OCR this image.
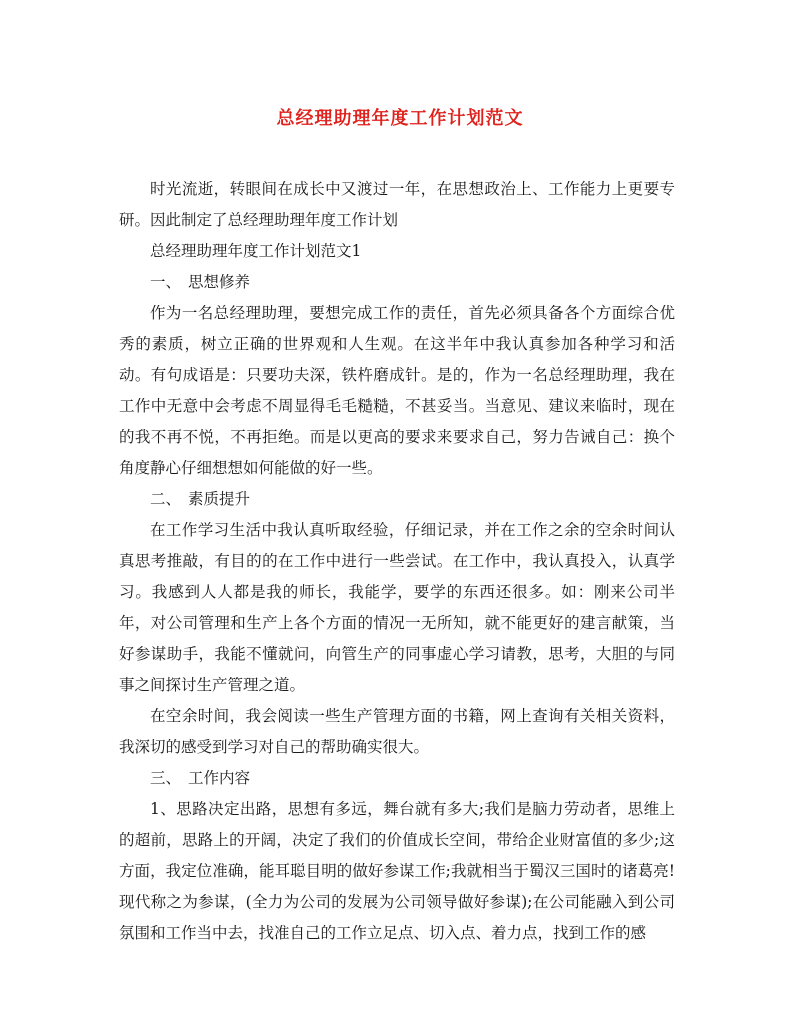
总经理助理年度工作计划范文

时光流逝，转眼间在成长中又渡过一年，在思想政治上、工作能力上更要专研。因此制定了总经理助理年度工作计划

总经理助理年度工作计划范文1

一、 思想修养

作为一名总经理助理，要想完成工作的责任，首先必须具备各个方面综合优秀的素质，树立正确的世界观和人生观。在这半年中我认真参加各种学习和活动。有句成语是：只要功夫深，铁杵磨成针。是的，作为一名总经理助理，我在工作中无意中会考虑不周显得毛毛糙糙，不甚妥当。当意见、建议来临时，现在的我不再不悦，不再拒绝。而是以更高的要求来要求自己，努力告诫自己：换个角度静心仔细想想如何能做的好一些。

二、 素质提升

在工作学习生活中我认真听取经验，仔细记录，并在工作之余的空余时间认真思考推敲，有目的的在工作中进行一些尝试。在工作中，我认真投入，认真学习。我感到人人都是我的师长，我能学，要学的东西还很多。如：刚来公司半年，对公司管理和生产上各个方面的情况一无所知，就不能更好的建言献策，当好参谋助手，我能不懂就问，向管生产的同事虚心学习请教，思考，大胆的与同事之间探讨生产管理之道。

在空余时间，我会阅读一些生产管理方面的书籍，网上查询有关相关资料，我深切的感受到学习对自己的帮助确实很大。

三、 工作内容

1、思路决定出路，思想有多远，舞台就有多大;我们是脑力劳动者，思维上的超前，思路上的开阔，决定了我们的价值成长空间，带给企业财富值的多少;这方面，我定位准确，能耳聪目明的做好参谋工作;我就相当于蜀汉三国时的诸葛亮!现代称之为参谋，(全力为公司的发展为公司领导做好参谋);在公司能融入到公司氛围和工作当中去，找准自己的工作立足点、切入点、着力点，找到工作的感
